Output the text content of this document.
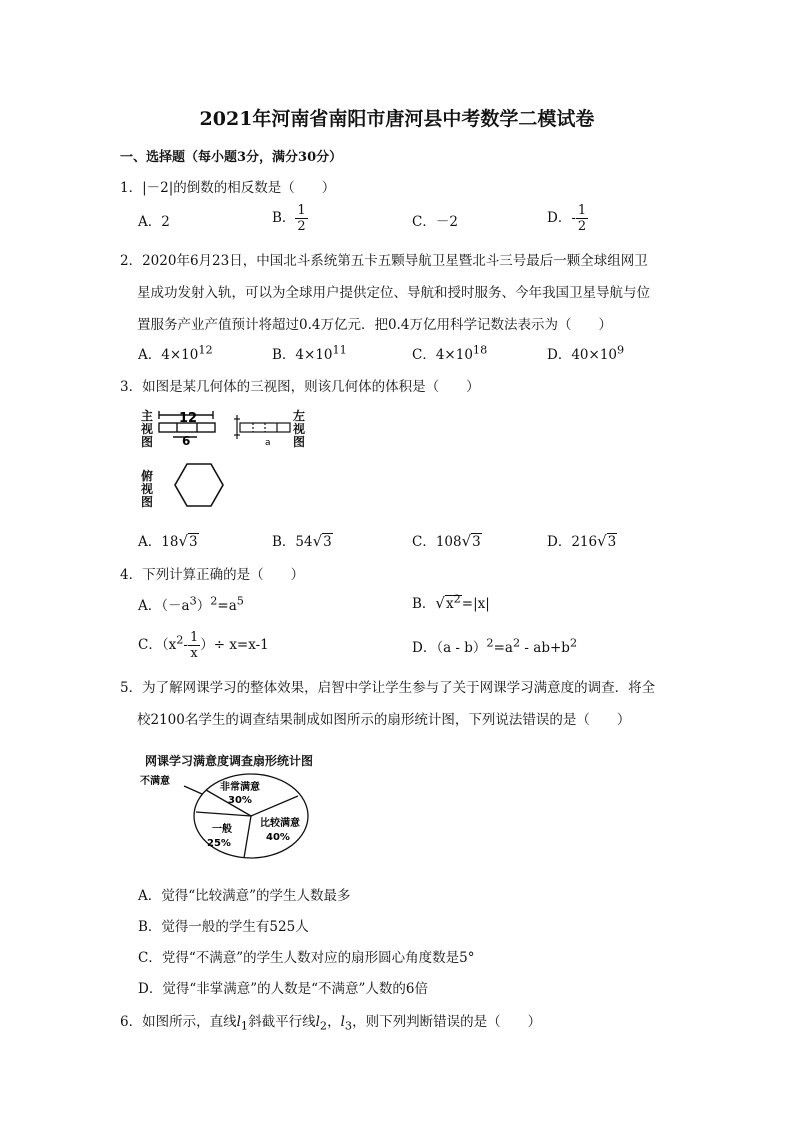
2021年河南省南阳市唐河县中考数学二模试卷
一、选择题（每小题3分，满分30分）
1．|－2|的倒数的相反数是（　　）
A．2	B． $\frac{1}{2}$	C．－2	D．- $\frac{1}{2}$
2．2020年6月23日，中国北斗系统第五卡五颗导航卫星暨北斗三号最后一颗全球组网卫
星成功发射入轨，可以为全球用户提供定位、导航和授时服务、今年我国卫星导航与位
置服务产业产值预计将超过0.4万亿元．把0.4万亿用科学记数法表示为（　　）
A．$4\times 10^{12}$	B．$4\times 10^{11}$	C．$4\times 10^{18}$	D．$40\times 10^9$
3．如图是某几何体的三视图，则该几何体的体积是（　　）
主视图
左视图
俯视图
12
6	a
A．18√3	B．54√3	C．108√3	D．216√3
4．下列计算正确的是（　　）
A．$(-a^3)^2=a^5$	B．$√x^2=|x|$
C．（$x^2- \frac{1}{x}$ ）÷ x=x-1	D．$(a - b)^2=a^2 - ab+b^2$
5．为了解网课学习的整体效果，启智中学让学生参与了关于网课学习满意度的调查．将全
校2100名学生的调查结果制成如图所示的扇形统计图，下列说法错误的是（　　）
网课学习满意度调查扇形统计图
非常满意
30%
比较满意
40%
一般
25%
不满意
A．觉得“比较满意”的学生人数最多
B．觉得一般的学生有525人
C．党得“不满意”的学生人数对应的扇形圆心角度数是5°
D．觉得“非掌满意”的人数是“不满意”人数的6倍
6．如图所示，直线$l_1$斜截平行线$l_2$，$l_3$，则下列判断错误的是（　　）
